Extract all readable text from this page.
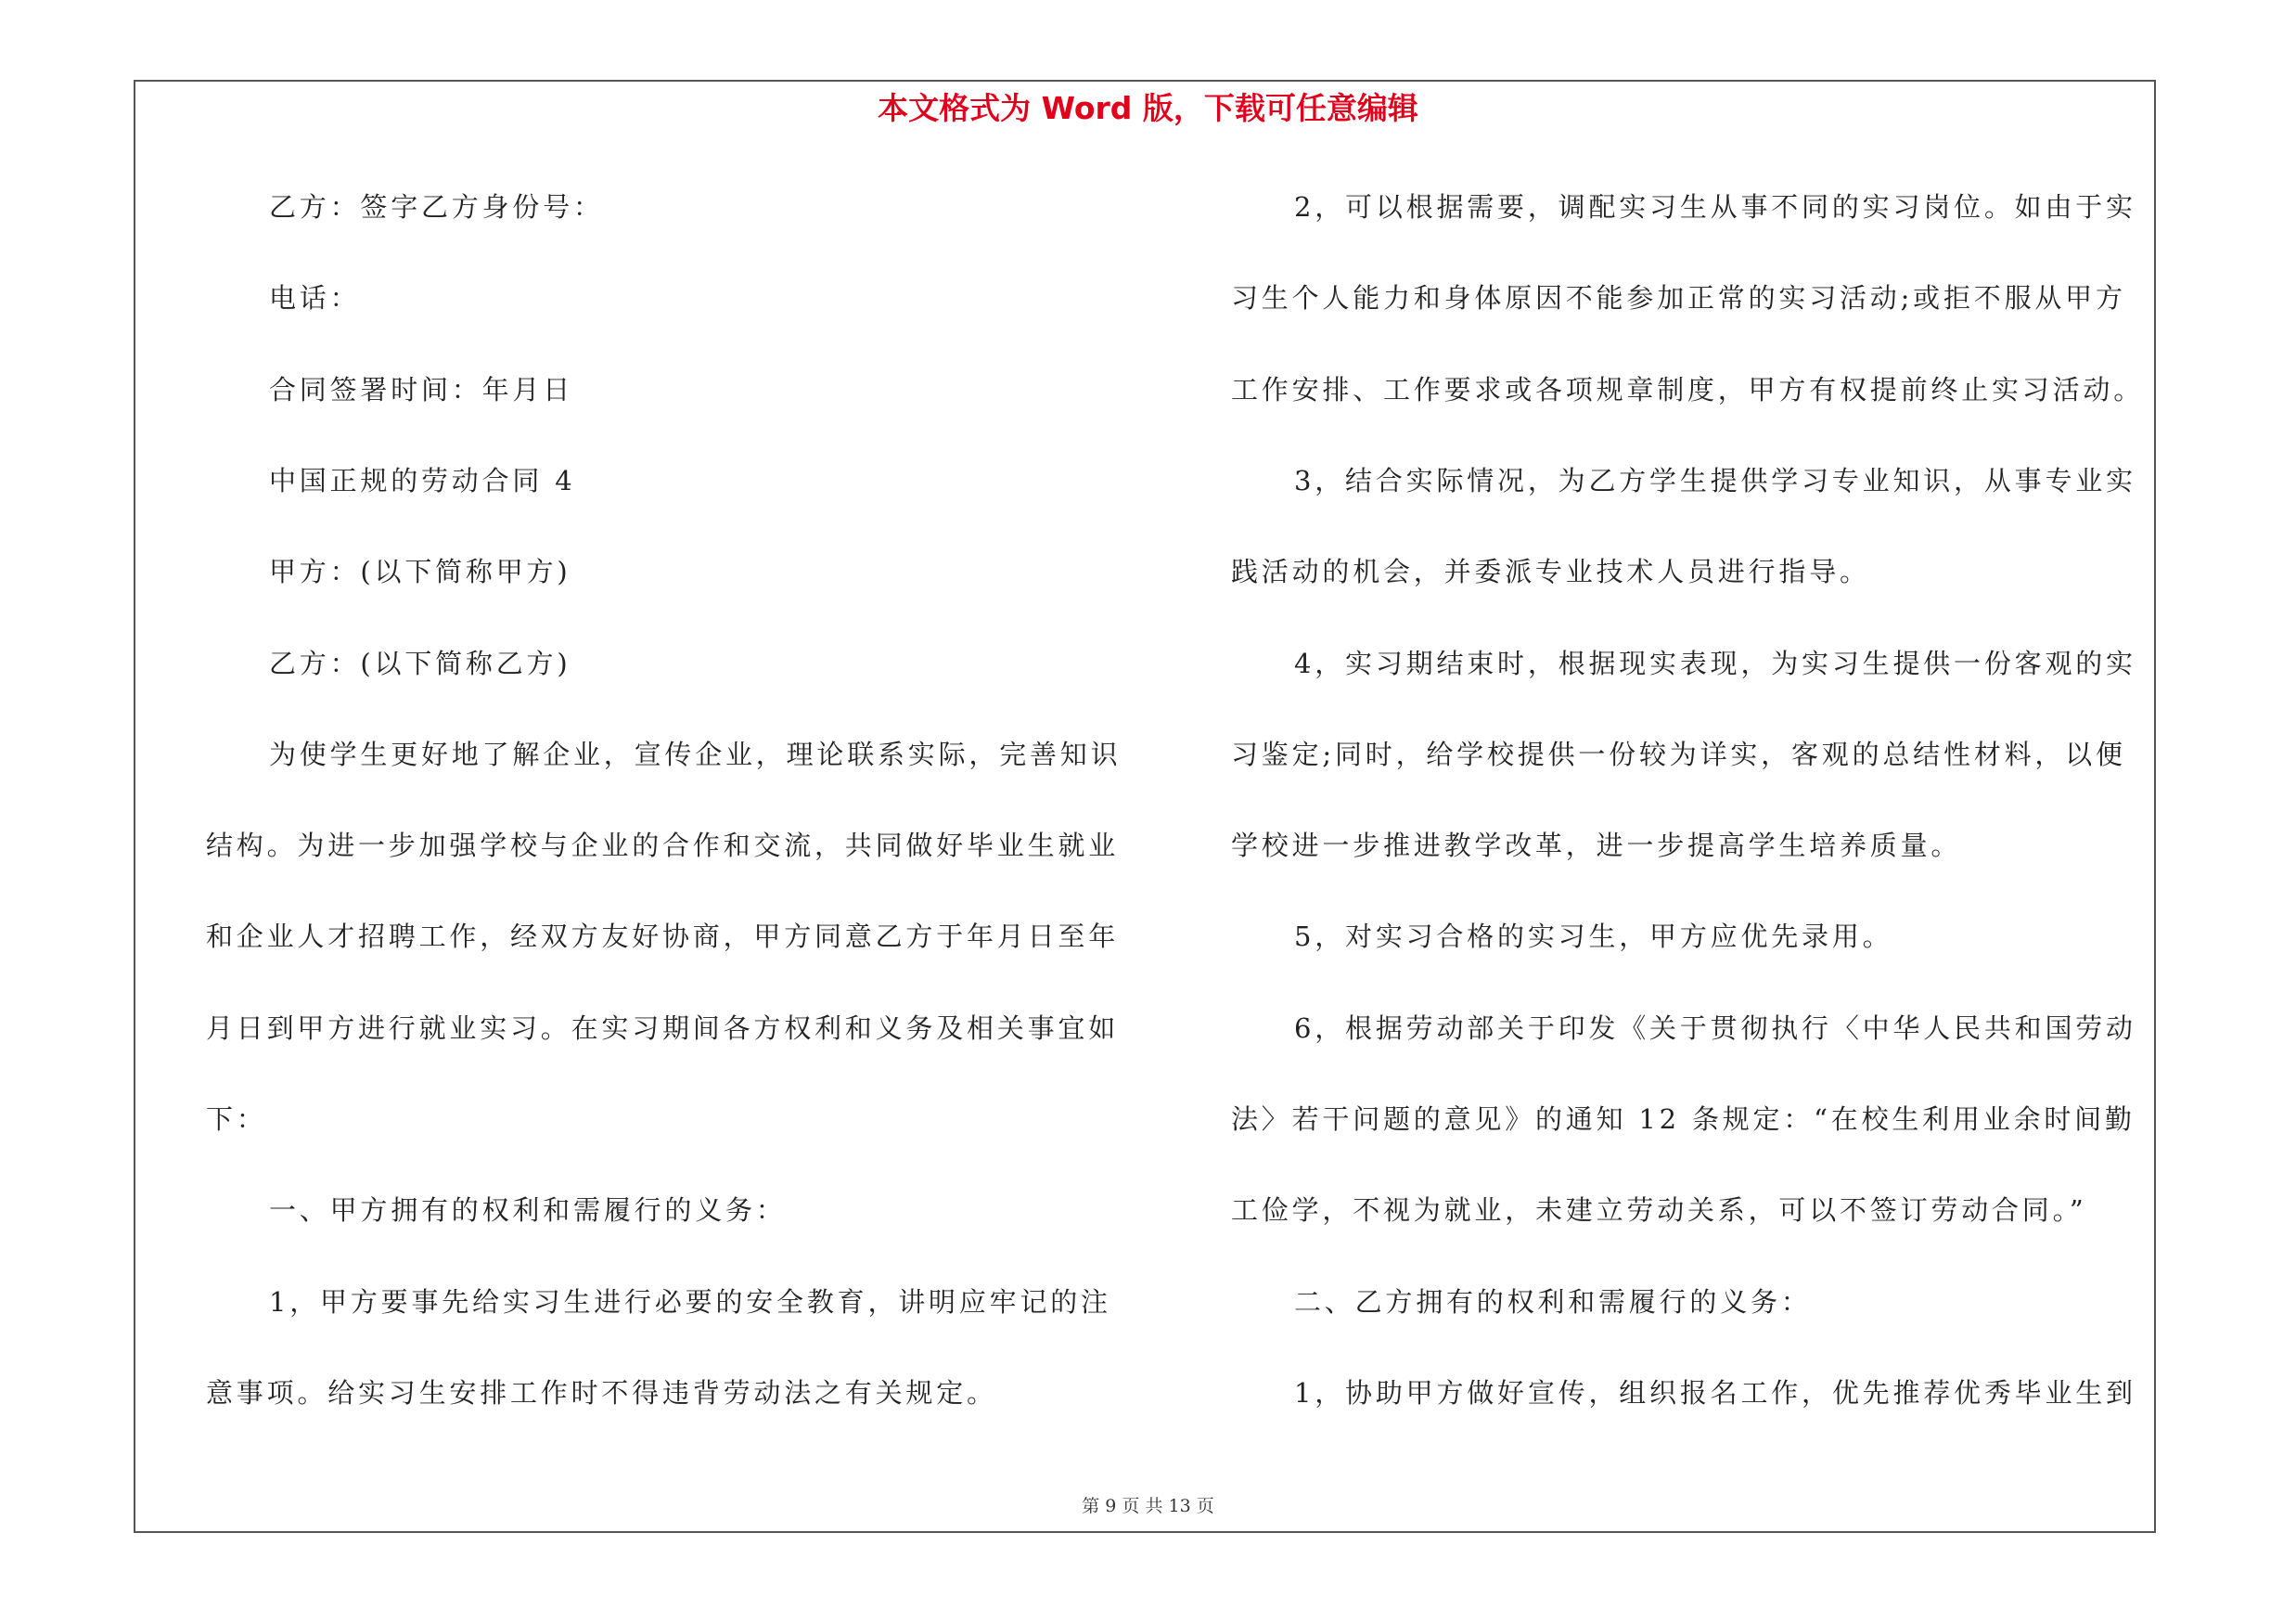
本文格式为 Word 版，下载可任意编辑
乙方：签字乙方身份号：
电话：
合同签署时间：年月日
中国正规的劳动合同 4
甲方：(以下简称甲方)
乙方：(以下简称乙方)
为使学生更好地了解企业，宣传企业，理论联系实际，完善知识
结构。为进一步加强学校与企业的合作和交流，共同做好毕业生就业
和企业人才招聘工作，经双方友好协商，甲方同意乙方于年月日至年
月日到甲方进行就业实习。在实习期间各方权利和义务及相关事宜如
下：
一、甲方拥有的权利和需履行的义务：
1，甲方要事先给实习生进行必要的安全教育，讲明应牢记的注
意事项。给实习生安排工作时不得违背劳动法之有关规定。
2，可以根据需要，调配实习生从事不同的实习岗位。如由于实
习生个人能力和身体原因不能参加正常的实习活动;或拒不服从甲方
工作安排、工作要求或各项规章制度，甲方有权提前终止实习活动。
3，结合实际情况，为乙方学生提供学习专业知识，从事专业实
践活动的机会，并委派专业技术人员进行指导。
4，实习期结束时，根据现实表现，为实习生提供一份客观的实
习鉴定;同时，给学校提供一份较为详实，客观的总结性材料，以便
学校进一步推进教学改革，进一步提高学生培养质量。
5，对实习合格的实习生，甲方应优先录用。
6，根据劳动部关于印发《关于贯彻执行〈中华人民共和国劳动
法〉若干问题的意见》的通知 12 条规定：“在校生利用业余时间勤
工俭学，不视为就业，未建立劳动关系，可以不签订劳动合同。”
二、乙方拥有的权利和需履行的义务：
1，协助甲方做好宣传，组织报名工作，优先推荐优秀毕业生到
第 9 页 共 13 页
